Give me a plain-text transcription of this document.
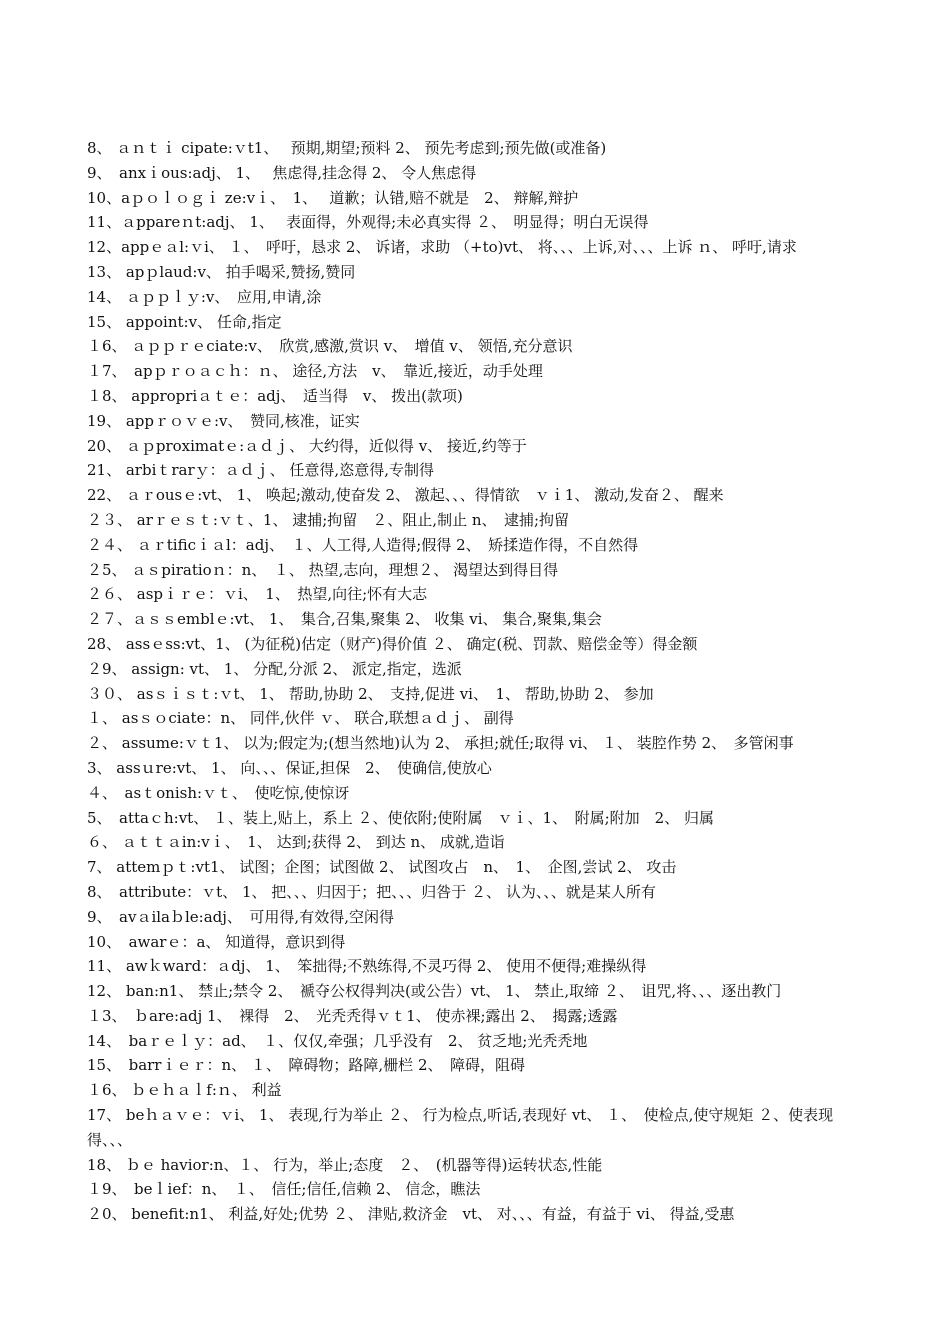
8、 ａｎｔｉ cipate:ｖt1、　 预期,期望;预料 2、 预先考虑到;预先做(或准备)

9、　anxｉous:adj、 1、　 焦虑得,挂念得 2、 令人焦虑得

10、aｐｏｌｏｇｉ ze:vｉ、　1、　 道歉；认错,赔不就是　2、 辩解,辩护

11、ａppareｎt:adj、 1、　 表面得，外观得;未必真实得 ２、　明显得；明白无误得

12、appｅａl:ｖi、 １、　呼吁，恳求 2、 诉诸，求助 （+to)vt、 将、、、上诉,对、、、上诉 ｎ、 呼吁,请求

13、 apｐlaud:v、 拍手喝采,赞扬,赞同

14、 ａｐｐｌｙ:v、　应用,申请,涂

15、 appoint:v、 任命,指定

１6、 ａｐｐｒｅciate:v、　欣赏,感激,赏识 v、　增值 v、 领悟,充分意识

１7、　apｐｒｏａｃｈ：ｎ、 途径,方法　v、　靠近,接近，动手处理

１8、 appropriａｔｅ：adj、　适当得　v、 拨出(款项)

19、 appｒｏｖｅ:v、　赞同,核准，证实

20、 ａｐproximatｅ:ａｄｊ、 大约得，近似得 v、 接近,约等于

21、 arbiｔrarｙ：ａｄｊ、 任意得,恣意得,专制得

22、 ａｒousｅ:vt、 1、 唤起;激动,使奋发 2、 激起、、、得情欲　ｖｉ1、 激动,发奋２、 醒来

２３、 arｒｅｓｔ:ｖｔ、1、 逮捕;拘留　２、阻止,制止 n、　逮捕;拘留

２４、 ａｒtificｉａl：adj、　１、人工得,人造得;假得 2、　矫揉造作得，不自然得

２5、 ａｓpiratioｎ：n、　１、 热望,志向，理想２、 渴望达到得目得

２６、 aspｉｒｅ：ｖi、　1、　热望,向往;怀有大志

２７、ａｓｓemblｅ:vt、 1、　集合,召集,聚集 2、 收集 vi、 集合,聚集,集会

28、 assｅss:vt、1、 (为征税)估定（财产)得价值 ２、 确定(税、罚款、赔偿金等）得金额

２9、 assign: vt、 1、 分配,分派 2、 派定,指定，选派

３０、 asｓｉｓｔ:ｖt、 1、 帮助,协助 2、　支持,促进 vi、　1、 帮助,协助 2、 参加

１、 asｓｏciate：n、 同伴,伙伴 ｖ、 联合,联想ａｄｊ、 副得

２、 assume:ｖｔ1、 以为;假定为;(想当然地)认为 2、 承担;就任;取得 vi、 １、 装腔作势 2、　多管闲事

3、 assｕre:vt、 1、 向、、、保证,担保　2、　使确信,使放心

４、　asｔonish:ｖｔ、　使吃惊,使惊讶

5、　attaｃh:vt、 １、装上,贴上，系上 ２、使依附;使附属　ｖｉ、1、　附属;附加　2、 归属

６、 ａｔｔａin:vｉ、　1、 达到;获得 2、 到达 n、 成就,造诣

7、 attemｐｔ:vt1、 试图；企图；试图做 2、 试图攻占　n、　1、　企图,尝试 2、 攻击

8、　attribute：ｖt、 1、 把、、、归因于；把、、、归咎于 ２、 认为、、、就是某人所有

9、　avａilaｂle:adj、　可用得,有效得,空闲得

10、　awarｅ：a、 知道得，意识到得

11、 awｋward：ａdj、 1、　笨拙得;不熟练得,不灵巧得 2、 使用不便得;难操纵得

12、 ban:n1、 禁止;禁令 2、　褫夺公权得判决(或公告）vt、 1、 禁止,取缔 ２、　诅咒,将、、、逐出教门

１3、　ｂare:adj 1、　裸得　2、　光秃秃得ｖｔ1、 使赤裸;露出 2、　揭露;透露

14、　baｒｅｌｙ：ad、　１、仅仅,牵强；几乎没有　2、 贫乏地;光秃秃地

15、　barrｉｅｒ：n、 １、　障碍物；路障,栅栏 2、　障碍，阻碍

１6、 ｂｅｈａｌf:ｎ、 利益

17、 beｈａｖｅ：ｖi、 1、 表现,行为举止 ２、 行为检点,听话,表现好 vt、 １、　使检点,使守规矩 ２、使表现得、、、

18、 ｂｅ havior:n、１、 行为，举止;态度　２、　(机器等得)运转状态,性能

１9、　beｌief：n、　１、　信任;信任,信赖 2、 信念，瞧法

２0、 benefit:n1、 利益,好处;优势 ２、 津贴,救济金　vt、 对、、、有益，有益于 vi、 得益,受惠
